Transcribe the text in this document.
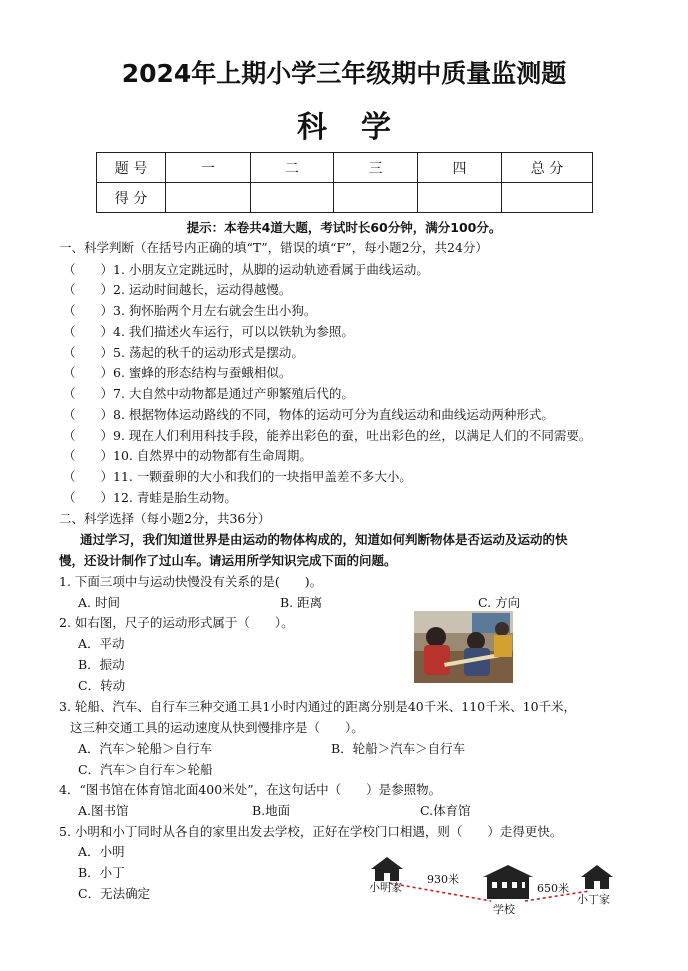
2024年上期小学三年级期中质量监测题
科学
题 号	一	二	三	四	总 分
得 分					
提示：本卷共4道大题，考试时长60分钟，满分100分。
一、科学判断（在括号内正确的填“T”，错误的填“F”，每小题2分，共24分）
（　　）1. 小朋友立定跳远时，从脚的运动轨迹看属于曲线运动。
（　　）2. 运动时间越长，运动得越慢。
（　　）3. 狗怀胎两个月左右就会生出小狗。
（　　）4. 我们描述火车运行，可以以铁轨为参照。
（　　）5. 荡起的秋千的运动形式是摆动。
（　　）6. 蜜蜂的形态结构与蚕蛾相似。
（　　）7. 大自然中动物都是通过产卵繁殖后代的。
（　　）8. 根据物体运动路线的不同，物体的运动可分为直线运动和曲线运动两种形式。
（　　）9. 现在人们利用科技手段，能养出彩色的蚕，吐出彩色的丝，以满足人们的不同需要。
（　　）10. 自然界中的动物都有生命周期。
（　　）11. 一颗蚕卵的大小和我们的一块指甲盖差不多大小。
（　　）12. 青蛙是胎生动物。
二、科学选择（每小题2分，共36分）
通过学习，我们知道世界是由运动的物体构成的，知道如何判断物体是否运动及运动的快
慢，还设计制作了过山车。请运用所学知识完成下面的问题。
1. 下面三项中与运动快慢没有关系的是(　　)。
A. 时间	B. 距离	C. 方向
2. 如右图，尺子的运动形式属于（　　）。
A．平动
B．振动
C．转动
3. 轮船、汽车、自行车三种交通工具1小时内通过的距离分别是40千米、110千米、10千米，
这三种交通工具的运动速度从快到慢排序是（　　）。
A．汽车＞轮船＞自行车	B．轮船＞汽车＞自行车
C．汽车＞自行车＞轮船
4．“图书馆在体育馆北面400米处”，在这句话中（　　）是参照物。
A.图书馆	B.地面	C.体育馆
5. 小明和小丁同时从各自的家里出发去学校，正好在学校门口相遇，则（　　）走得更快。
A．小明
B．小丁
C．无法确定	小明家
930米
学校
650米
小丁家
